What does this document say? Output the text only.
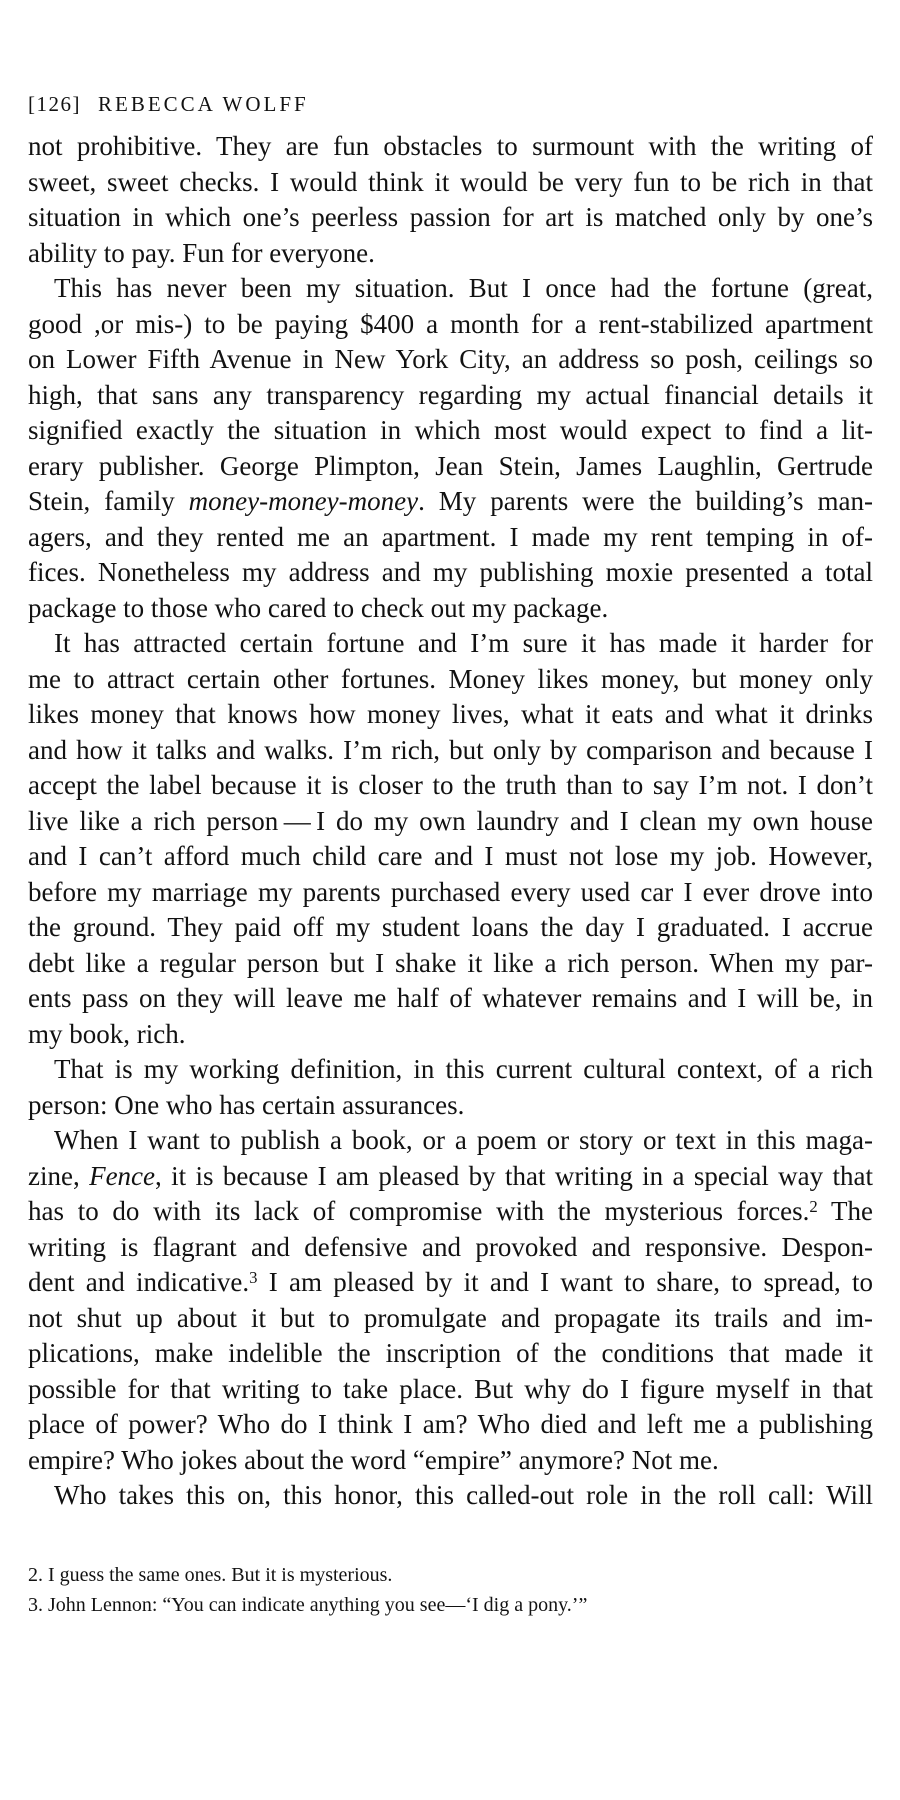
[126] REBECCA WOLFF
not prohibitive. They are fun obstacles to surmount with the writing of
sweet, sweet checks. I would think it would be very fun to be rich in that
situation in which one’s peerless passion for art is matched only by one’s
ability to pay. Fun for everyone.
This has never been my situation. But I once had the fortune (great,
good ,or mis-) to be paying $400 a month for a rent-stabilized apartment
on Lower Fifth Avenue in New York City, an address so posh, ceilings so
high, that sans any transparency regarding my actual financial details it
signified exactly the situation in which most would expect to find a lit-
erary publisher. George Plimpton, Jean Stein, James Laughlin, Gertrude
Stein, family money-money-money. My parents were the building’s man-
agers, and they rented me an apartment. I made my rent temping in of-
fices. Nonetheless my address and my publishing moxie presented a total
package to those who cared to check out my package.
It has attracted certain fortune and I’m sure it has made it harder for
me to attract certain other fortunes. Money likes money, but money only
likes money that knows how money lives, what it eats and what it drinks
and how it talks and walks. I’m rich, but only by comparison and because I
accept the label because it is closer to the truth than to say I’m not. I don’t
live like a rich person — I do my own laundry and I clean my own house
and I can’t afford much child care and I must not lose my job. However,
before my marriage my parents purchased every used car I ever drove into
the ground. They paid off my student loans the day I graduated. I accrue
debt like a regular person but I shake it like a rich person. When my par-
ents pass on they will leave me half of whatever remains and I will be, in
my book, rich.
That is my working definition, in this current cultural context, of a rich
person: One who has certain assurances.
When I want to publish a book, or a poem or story or text in this maga-
zine, Fence, it is because I am pleased by that writing in a special way that
has to do with its lack of compromise with the mysterious forces.$^2$ The
writing is flagrant and defensive and provoked and responsive. Despon-
dent and indicative.$^3$ I am pleased by it and I want to share, to spread, to
not shut up about it but to promulgate and propagate its trails and im-
plications, make indelible the inscription of the conditions that made it
possible for that writing to take place. But why do I figure myself in that
place of power? Who do I think I am? Who died and left me a publishing
empire? Who jokes about the word “empire” anymore? Not me.
Who takes this on, this honor, this called-out role in the roll call: Will
2. I guess the same ones. But it is mysterious.
3. John Lennon: “You can indicate anything you see—‘I dig a pony.’”
